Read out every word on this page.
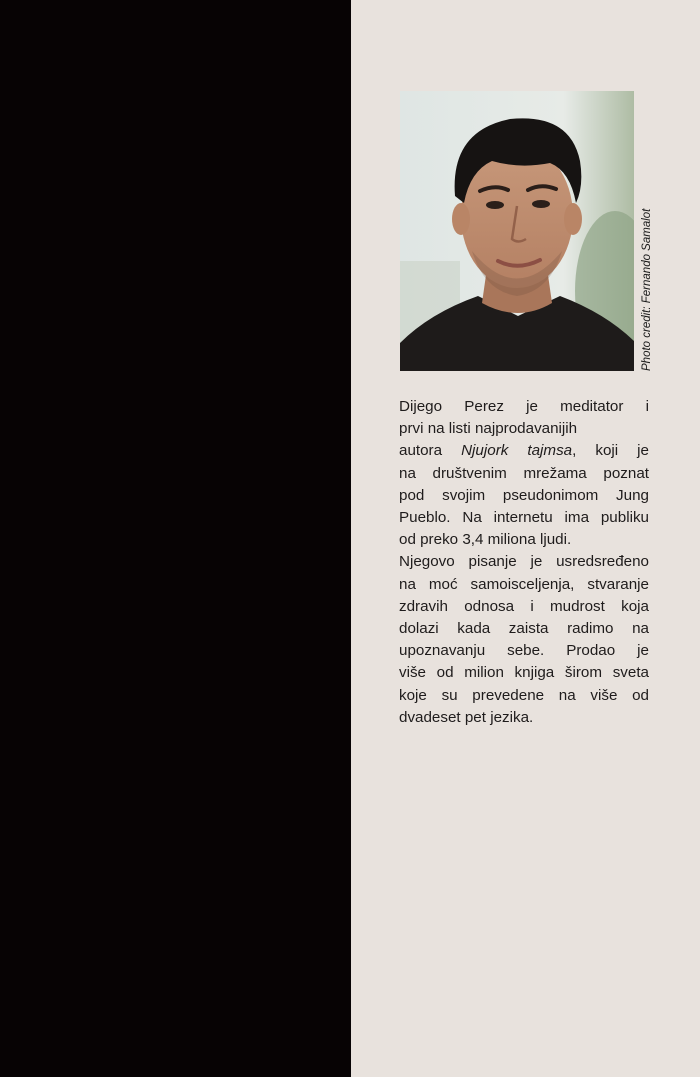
Photo credit: Fernando Samalot
Dijego Perez je meditator i
prvi na listi najprodavanijih
autora Njujork tajmsa, koji je
na društvenim mrežama poznat
pod svojim pseudonimom Jung
Pueblo. Na internetu ima publiku
od preko 3,4 miliona ljudi.
Njegovo pisanje je usredsređeno
na moć samoisceljenja, stvaranje
zdravih odnosa i mudrost koja
dolazi kada zaista radimo na
upoznavanju sebe. Prodao je
više od milion knjiga širom sveta
koje su prevedene na više od
dvadeset pet jezika.
